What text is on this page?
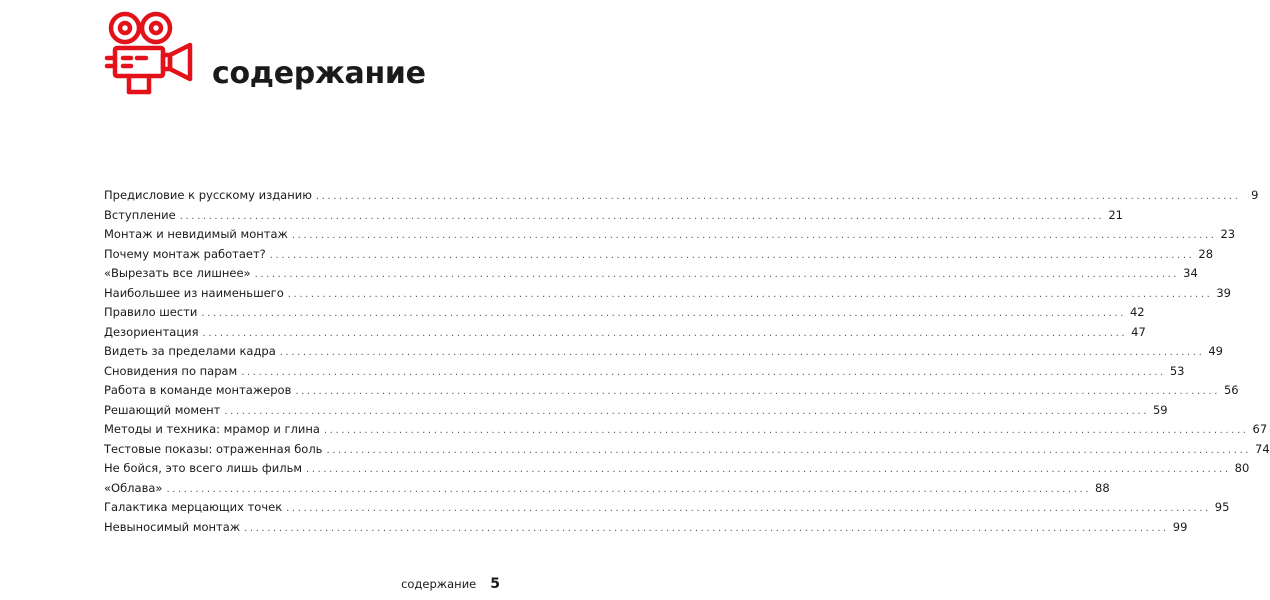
содержание
Предисловие к русскому изданию ................................................................................................................................................................ 9
Вступление ................................................................................................................................................................ 21
Монтаж и невидимый монтаж ................................................................................................................................................................ 23
Почему монтаж работает? ................................................................................................................................................................ 28
«Вырезать все лишнее» ................................................................................................................................................................ 34
Наибольшее из наименьшего ................................................................................................................................................................ 39
Правило шести ................................................................................................................................................................ 42
Дезориентация ................................................................................................................................................................ 47
Видеть за пределами кадра ................................................................................................................................................................ 49
Сновидения по парам ................................................................................................................................................................ 53
Работа в команде монтажеров ................................................................................................................................................................ 56
Решающий момент ................................................................................................................................................................ 59
Методы и техника: мрамор и глина ................................................................................................................................................................ 67
Тестовые показы: отраженная боль ................................................................................................................................................................ 74
Не бойся, это всего лишь фильм ................................................................................................................................................................ 80
«Облава» ................................................................................................................................................................ 88
Галактика мерцающих точек ................................................................................................................................................................ 95
Невыносимый монтаж ................................................................................................................................................................ 99
содержание 5
